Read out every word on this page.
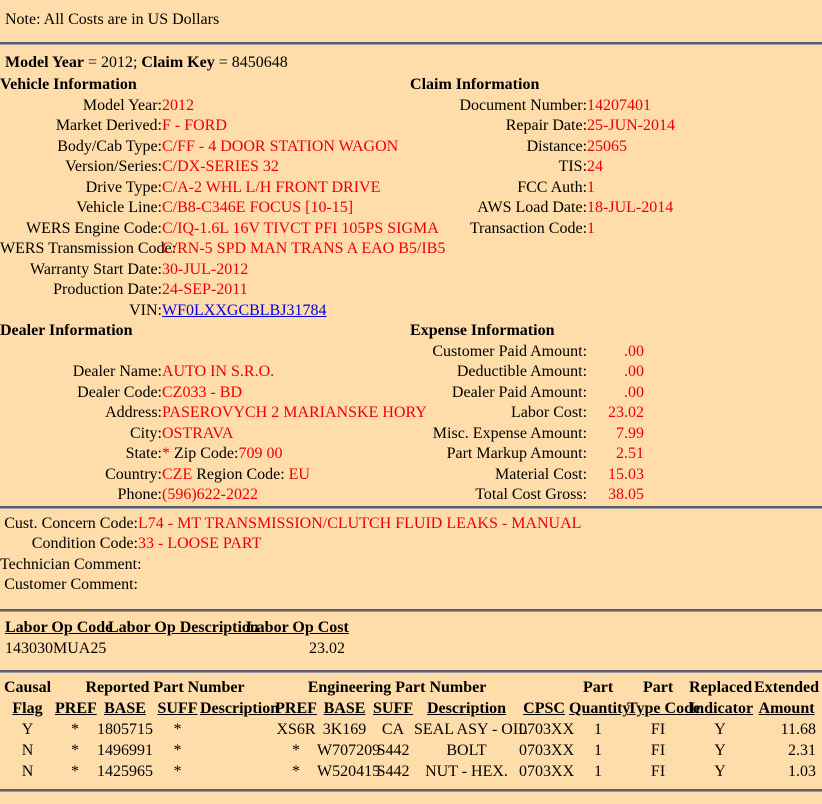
Note: All Costs are in US Dollars
Model Year = 2012; Claim Key = 8450648
Vehicle Information		Claim Information	
Model Year:	2012	Document Number:	14207401
Market Derived:	F - FORD	Repair Date:	25-JUN-2014
Body/Cab Type:	C/FF - 4 DOOR STATION WAGON	Distance:	25065
Version/Series:	C/DX-SERIES 32	TIS:	24
Drive Type:	C/A-2 WHL L/H FRONT DRIVE	FCC Auth:	1
Vehicle Line:	C/B8-C346E FOCUS [10-15]	AWS Load Date:	18-JUL-2014
WERS Engine Code:	C/IQ-1.6L 16V TIVCT PFI 105PS SIGMA	Transaction Code:	1
WERS Transmission Code:	C/RN-5 SPD MAN TRANS A EAO B5/IB5		
Warranty Start Date:	30-JUL-2012		
Production Date:	24-SEP-2011		
VIN:	WF0LXXGCBLBJ31784		
Dealer Information		Expense Information	
		Customer Paid Amount:	.00

Dealer Name:	AUTO IN S.R.O.	Deductible Amount:	.00

Dealer Code:	CZ033 - BD	Dealer Paid Amount:	.00

Address:	PASEROVYCH 2 MARIANSKE HORY	Labor Cost:	23.02

City:	OSTRAVA	Misc. Expense Amount:	7.99

State:	* Zip Code:709 00	Part Markup Amount:	2.51

Country:	CZE Region Code: EU	Material Cost:	15.03

Phone:	(596)622-2022	Total Cost Gross:	38.05
Cust. Concern Code:	L74 - MT TRANSMISSION/CLUTCH FLUID LEAKS - MANUAL
Condition Code:	33 - LOOSE PART
Technician Comment:	
Customer Comment:	
Labor Op Code	Labor Op Description	Labor Op Cost
143030MUA25		23.02
Causal	Reported Part Number				Engineering Part Number					Part	Part	Replaced	Extended
Flag	PREF	BASE	SUFF	Description	PREF	BASE	SUFF	Description	CPSC	Quantity	Type Code	Indicator	Amount
Y	*	1805715	*		XS6R	3K169	CA	SEAL ASY - OIL	0703XX	1	FI	Y	11.68
N	*	1496991	*		*	W707209	S442	BOLT	0703XX	1	FI	Y	2.31
N	*	1425965	*		*	W520415	S442	NUT - HEX.	0703XX	1	FI	Y	1.03
